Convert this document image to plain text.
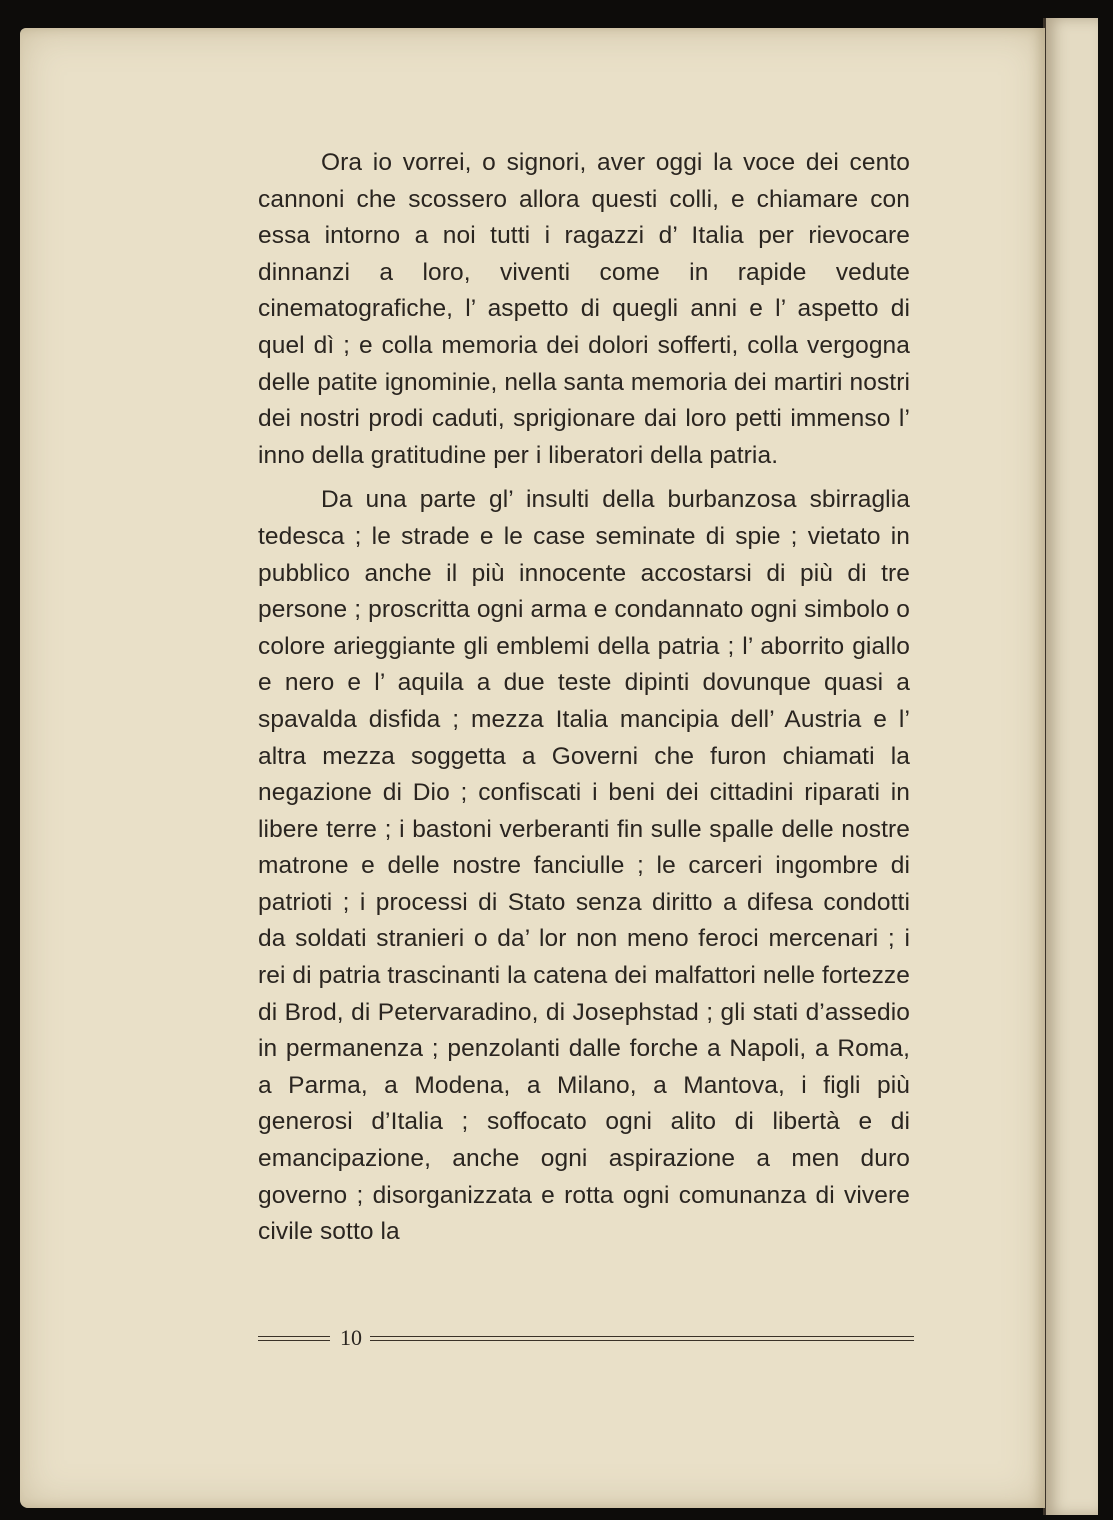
Ora io vorrei, o signori, aver oggi la voce dei cento cannoni che scossero allora questi colli, e chiamare con essa intorno a noi tutti i ragazzi d’ Italia per rievocare dinnanzi a loro, viventi come in rapide vedute cinematografiche, l’ aspetto di quegli anni e l’ aspetto di quel dì ; e colla memoria dei dolori sofferti, colla vergogna delle patite ignominie, nella santa memoria dei martiri nostri dei nostri prodi caduti, sprigionare dai loro petti immenso l’ inno della gratitudine per i liberatori della patria.

Da una parte gl’ insulti della burbanzosa sbirraglia tedesca ; le strade e le case seminate di spie ; vietato in pubblico anche il più innocente accostarsi di più di tre persone ; proscritta ogni arma e condannato ogni simbolo o colore arieggiante gli emblemi della patria ; l’ aborrito giallo e nero e l’ aquila a due teste dipinti dovunque quasi a spavalda disfida ; mezza Italia mancipia dell’ Austria e l’ altra mezza soggetta a Governi che furon chiamati la negazione di Dio ; confiscati i beni dei cittadini riparati in libere terre ; i bastoni verberanti fin sulle spalle delle nostre matrone e delle nostre fanciulle ; le carceri ingombre di patrioti ; i processi di Stato senza diritto a difesa condotti da soldati stranieri o da’ lor non meno feroci mercenari ; i rei di patria trascinanti la catena dei malfattori nelle fortezze di Brod, di Petervaradino, di Josephstad ; gli stati d’assedio in permanenza ; penzolanti dalle forche a Napoli, a Roma, a Parma, a Modena, a Milano, a Mantova, i figli più generosi d’Italia ; soffocato ogni alito di libertà e di emancipazione, anche ogni aspirazione a men duro governo ; disorganizzata e rotta ogni comunanza di vivere civile sotto la

10
